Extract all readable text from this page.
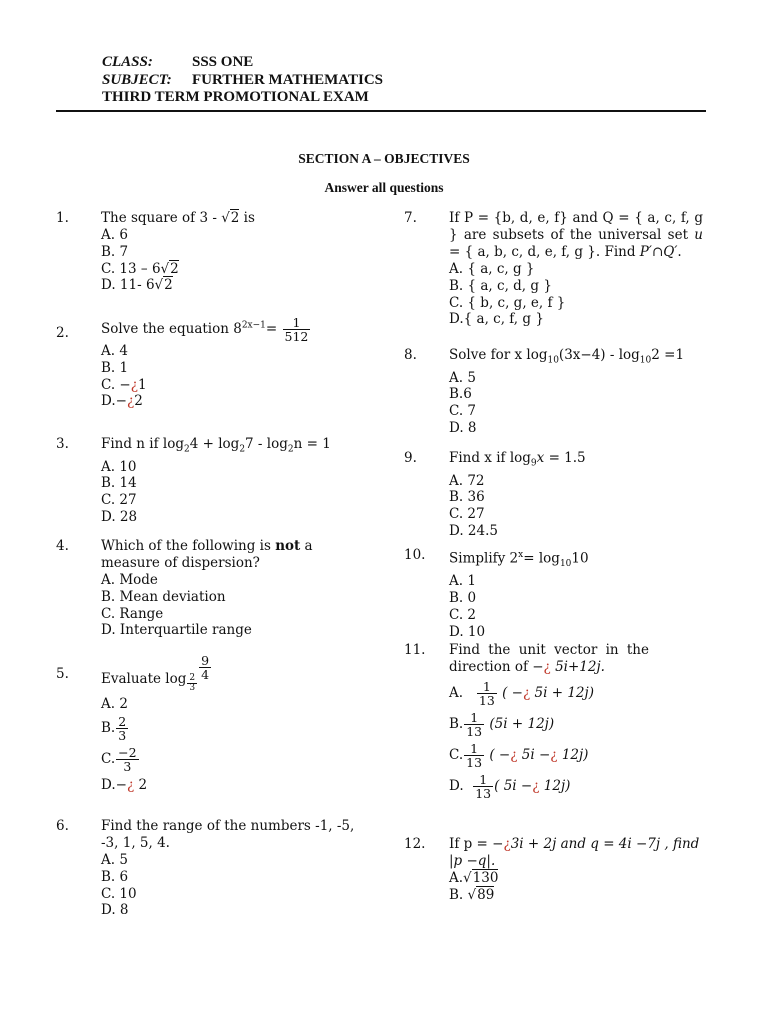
CLASS:	SSS ONE
SUBJECT:	FURTHER MATHEMATICS
THIRD TERM PROMOTIONAL EXAM
SECTION A – OBJECTIVES
Answer all questions
1. The square of 3 - √2 is
A. 6
B. 7
C. 13 – 6√2
D. 11- 6√2
2. Solve the equation $8^{2x-1}= \frac{1}{512}$
A. 4
B. 1
C. −¿1
D.−¿2
3. Find n if $\log_24 + \log_27 - \log_2n = 1$
A. 10
B. 14
C. 27
D. 28
4. Which of the following is not a measure of dispersion?
A. Mode
B. Mean deviation
C. Range
D. Interquartile range
5. Evaluate $\log \frac{2}{3}$
$\frac{9}{4}$
A. 2
B. $\frac{2}{3}$
C. $\frac{-2}{3}$
D.−¿ 2
6. Find the range of the numbers -1, -5, -3, 1, 5, 4.
A. 5
B. 6
C. 10
D. 8
7. If P = {b, d, e, f} and Q = { a, c, f, g } are subsets of the universal set u = { a, b, c, d, e, f, g }. Find P′∩Q′.
A. { a, c, g }
B. { a, c, d, g }
C. { b, c, g, e, f }
D.{ a, c, f, g }
8. Solve for x $\log_{10}(3x-4) - \log_{10}2 =1$
A. 5
B.6
C. 7
D. 8
9. Find x if $\log_9x = 1.5$
A. 72
B. 36
C. 27
D. 24.5
10. Simplify $2^x= \log_{10}10$
A. 1
B. 0
C. 2
D. 10
11. Find the unit vector in the direction of −¿ 5i+12j.
A. $\frac{1}{13}$ ( −¿ 5i + 12j)
B. $\frac{1}{13} (5i + 12j)$
C. $\frac{1}{13}$ ( −¿ 5i −¿ 12j)
D. $\frac{1}{13}$ ( 5i −¿ 12j)
12. If p = −¿3i + 2j and q = 4i −7j , find |p −q|.
A.√130
B. √89
